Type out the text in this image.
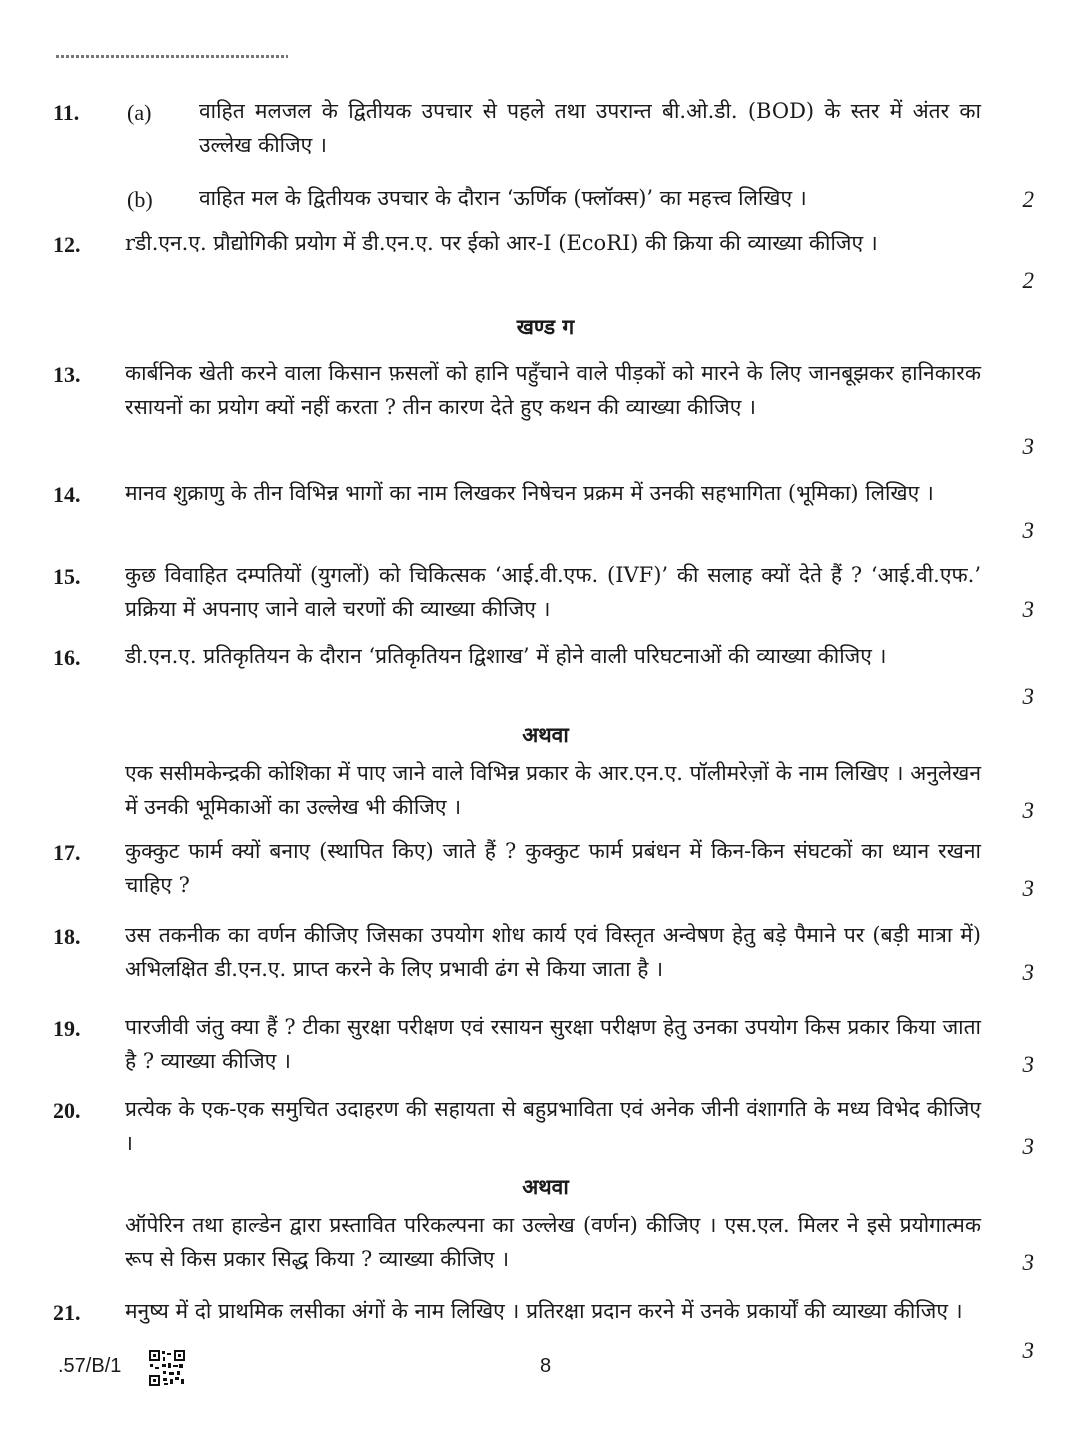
11. (a) वाहित मलजल के द्वितीयक उपचार से पहले तथा उपरान्त बी.ओ.डी. (BOD) के स्तर में अंतर का उल्लेख कीजिए ।
(b) वाहित मल के द्वितीयक उपचार के दौरान ‘ऊर्णिक (फ्लॉक्स)’ का महत्त्व लिखिए ।	2
12. rडी.एन.ए. प्रौद्योगिकी प्रयोग में डी.एन.ए. पर ईको आर-I (EcoRI) की क्रिया की व्याख्या कीजिए ।
2
खण्ड ग
13. कार्बनिक खेती करने वाला किसान फ़सलों को हानि पहुँचाने वाले पीड़कों को मारने के लिए जानबूझकर हानिकारक रसायनों का प्रयोग क्यों नहीं करता ? तीन कारण देते हुए कथन की व्याख्या कीजिए ।
3
14. मानव शुक्राणु के तीन विभिन्न भागों का नाम लिखकर निषेचन प्रक्रम में उनकी सहभागिता (भूमिका) लिखिए ।
3
15. कुछ विवाहित दम्पतियों (युगलों) को चिकित्सक ‘आई.वी.एफ. (IVF)’ की सलाह क्यों देते हैं ? ‘आई.वी.एफ.’ प्रक्रिया में अपनाए जाने वाले चरणों की व्याख्या कीजिए ।	3
16. डी.एन.ए. प्रतिकृतियन के दौरान ‘प्रतिकृतियन द्विशाख’ में होने वाली परिघटनाओं की व्याख्या कीजिए ।
3
अथवा
एक ससीमकेन्द्रकी कोशिका में पाए जाने वाले विभिन्न प्रकार के आर.एन.ए. पॉलीमरेज़ों के नाम लिखिए । अनुलेखन में उनकी भूमिकाओं का उल्लेख भी कीजिए ।	3
17. कुक्कुट फार्म क्यों बनाए (स्थापित किए) जाते हैं ? कुक्कुट फार्म प्रबंधन में किन-किन संघटकों का ध्यान रखना चाहिए ?	3
18. उस तकनीक का वर्णन कीजिए जिसका उपयोग शोध कार्य एवं विस्तृत अन्वेषण हेतु बड़े पैमाने पर (बड़ी मात्रा में) अभिलक्षित डी.एन.ए. प्राप्त करने के लिए प्रभावी ढंग से किया जाता है ।	3
19. पारजीवी जंतु क्या हैं ? टीका सुरक्षा परीक्षण एवं रसायन सुरक्षा परीक्षण हेतु उनका उपयोग किस प्रकार किया जाता है ? व्याख्या कीजिए ।	3
20. प्रत्येक के एक-एक समुचित उदाहरण की सहायता से बहुप्रभाविता एवं अनेक जीनी वंशागति के मध्य विभेद कीजिए ।	3
अथवा
ऑपेरिन तथा हाल्डेन द्वारा प्रस्तावित परिकल्पना का उल्लेख (वर्णन) कीजिए । एस.एल. मिलर ने इसे प्रयोगात्मक रूप से किस प्रकार सिद्ध किया ? व्याख्या कीजिए ।	3
21. मनुष्य में दो प्राथमिक लसीका अंगों के नाम लिखिए । प्रतिरक्षा प्रदान करने में उनके प्रकार्यों की व्याख्या कीजिए ।
3
.57/B/1	8
